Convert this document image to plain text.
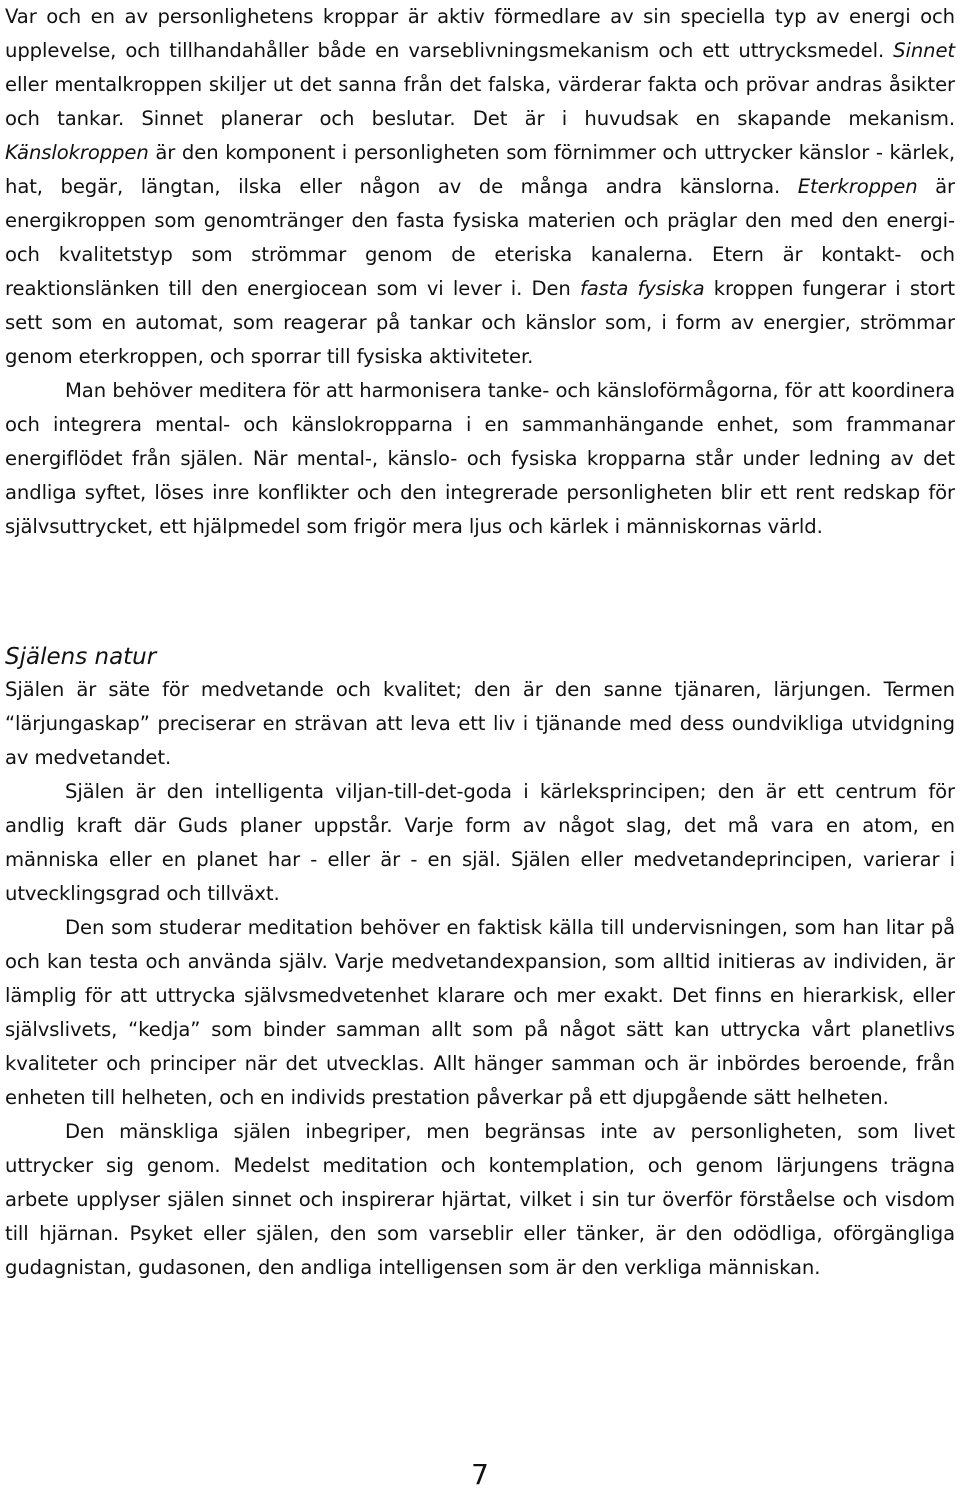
Var och en av personlighetens kroppar är aktiv förmedlare av sin speciella typ av energi och upplevelse, och tillhandahåller både en varseblivningsmekanism och ett uttrycksmedel. Sinnet eller mentalkroppen skiljer ut det sanna från det falska, värderar fakta och prövar andras åsikter och tankar. Sinnet planerar och beslutar. Det är i huvudsak en skapande mekanism. Känslokroppen är den komponent i personligheten som förnimmer och uttrycker känslor - kärlek, hat, begär, längtan, ilska eller någon av de många andra känslorna. Eterkroppen är energikroppen som genomtränger den fasta fysiska materien och präglar den med den energi- och kvalitetstyp som strömmar genom de eteriska kanalerna. Etern är kontakt- och reaktionslänken till den energiocean som vi lever i. Den fasta fysiska kroppen fungerar i stort sett som en automat, som reagerar på tankar och känslor som, i form av energier, strömmar genom eterkroppen, och sporrar till fysiska aktiviteter.

Man behöver meditera för att harmonisera tanke- och känsloförmågorna, för att koordinera och integrera mental- och känslokropparna i en sammanhängande enhet, som frammanar energiflödet från själen. När mental-, känslo- och fysiska kropparna står under ledning av det andliga syftet, löses inre konflikter och den integrerade personligheten blir ett rent redskap för självsuttrycket, ett hjälpmedel som frigör mera ljus och kärlek i människornas värld.

Själens natur

Själen är säte för medvetande och kvalitet; den är den sanne tjänaren, lärjungen. Termen “lärjungaskap” preciserar en strävan att leva ett liv i tjänande med dess oundvikliga utvidgning av medvetandet.

Själen är den intelligenta viljan-till-det-goda i kärleksprincipen; den är ett centrum för andlig kraft där Guds planer uppstår. Varje form av något slag, det må vara en atom, en människa eller en planet har - eller är - en själ. Själen eller medvetandeprincipen, varierar i utvecklingsgrad och tillväxt.

Den som studerar meditation behöver en faktisk källa till undervisningen, som han litar på och kan testa och använda själv. Varje medvetandexpansion, som alltid initieras av individen, är lämplig för att uttrycka självsmedvetenhet klarare och mer exakt. Det finns en hierarkisk, eller självslivets, “kedja” som binder samman allt som på något sätt kan uttrycka vårt planetlivs kvaliteter och principer när det utvecklas. Allt hänger samman och är inbördes beroende, från enheten till helheten, och en individs prestation påverkar på ett djupgående sätt helheten.

Den mänskliga själen inbegriper, men begränsas inte av personligheten, som livet uttrycker sig genom. Medelst meditation och kontemplation, och genom lärjungens trägna arbete upplyser själen sinnet och inspirerar hjärtat, vilket i sin tur överför förståelse och visdom till hjärnan. Psyket eller själen, den som varseblir eller tänker, är den odödliga, oförgängliga gudagnistan, gudasonen, den andliga intelligensen som är den verkliga människan.

7
